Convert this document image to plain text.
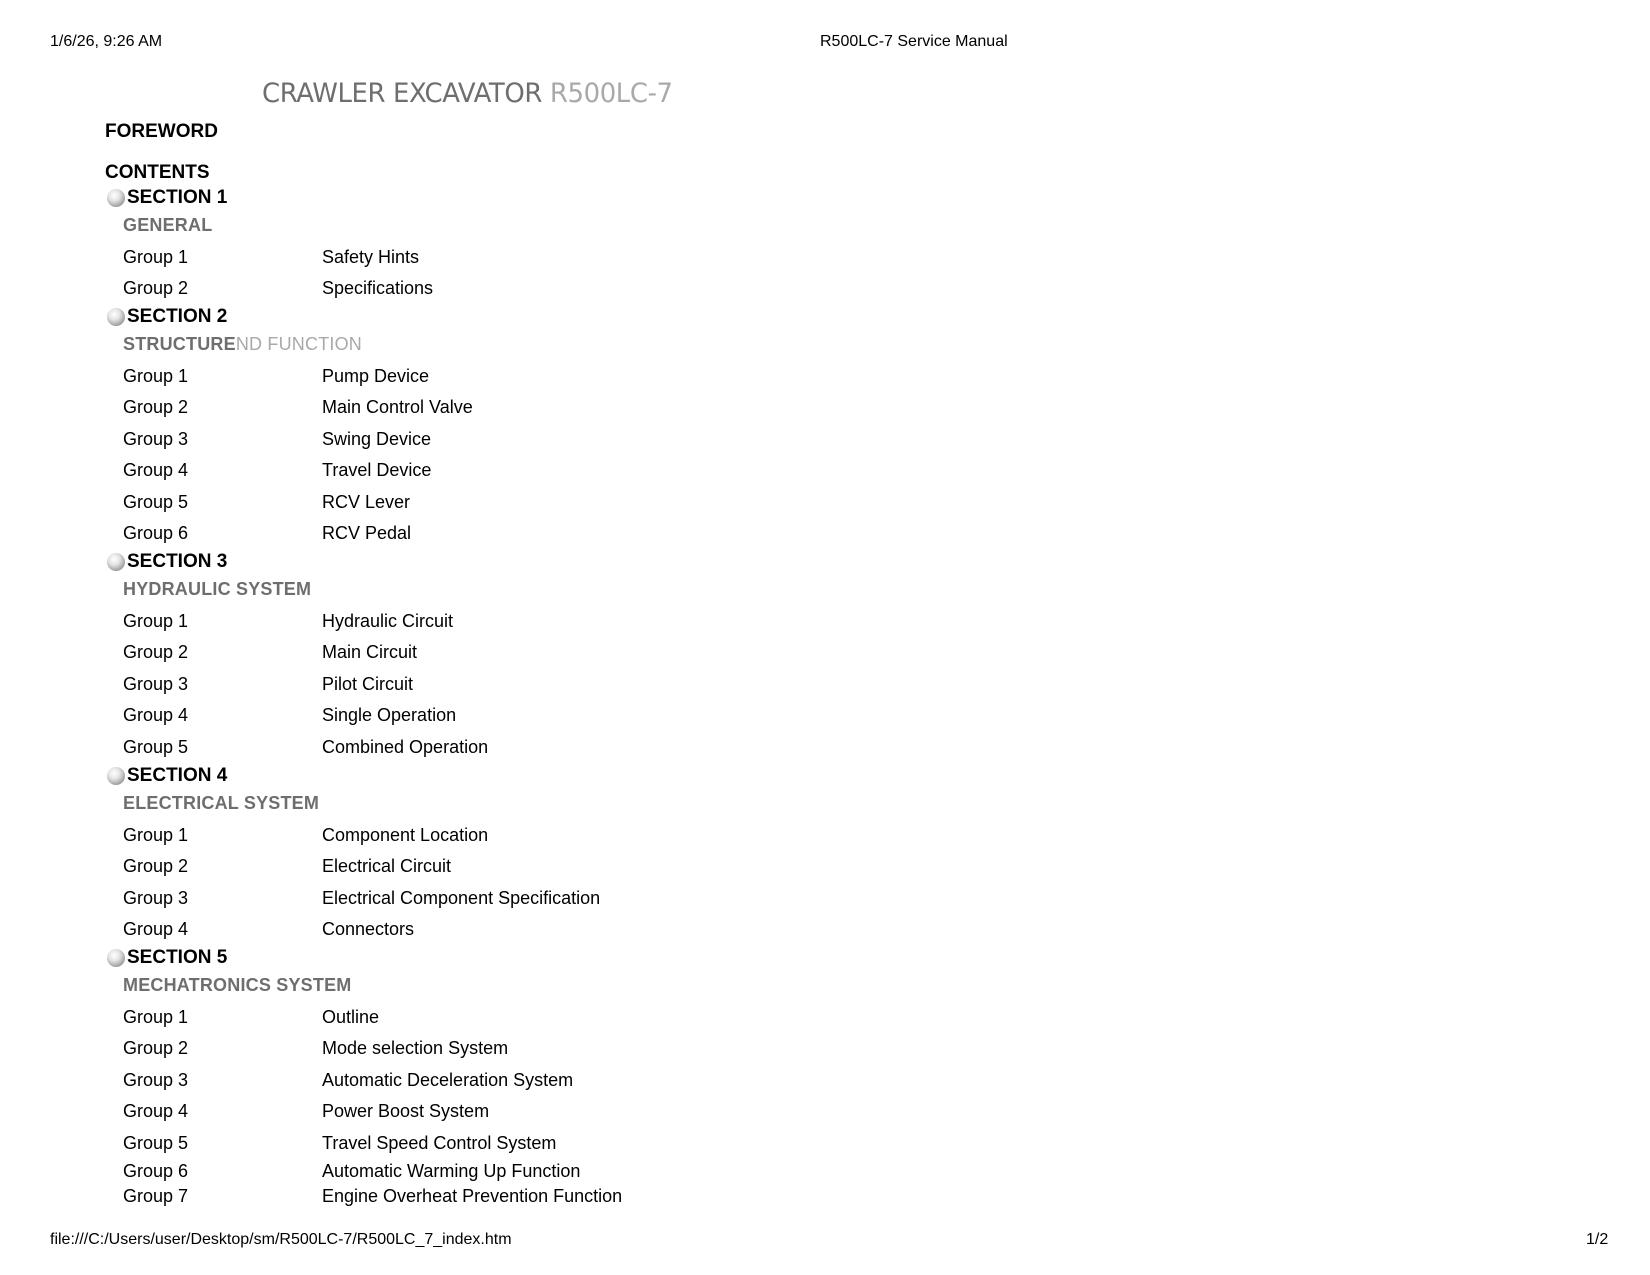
1/6/26, 9:26 AM	R500LC-7 Service Manual
CRAWLER EXCAVATOR R500LC-7
FOREWORD
CONTENTS
SECTION 1
GENERAL
Group 1	Safety Hints
Group 2	Specifications
SECTION 2
STRUCTUREND FUNCTION
Group 1	Pump Device
Group 2	Main Control Valve
Group 3	Swing Device
Group 4	Travel Device
Group 5	RCV Lever
Group 6	RCV Pedal
SECTION 3
HYDRAULIC SYSTEM
Group 1	Hydraulic Circuit
Group 2	Main Circuit
Group 3	Pilot Circuit
Group 4	Single Operation
Group 5	Combined Operation
SECTION 4
ELECTRICAL SYSTEM
Group 1	Component Location
Group 2	Electrical Circuit
Group 3	Electrical Component Specification
Group 4	Connectors
SECTION 5
MECHATRONICS SYSTEM
Group 1	Outline
Group 2	Mode selection System
Group 3	Automatic Deceleration System
Group 4	Power Boost System
Group 5	Travel Speed Control System
Group 6	Automatic Warming Up Function
Group 7	Engine Overheat Prevention Function
file:///C:/Users/user/Desktop/sm/R500LC-7/R500LC_7_index.htm	1/2
